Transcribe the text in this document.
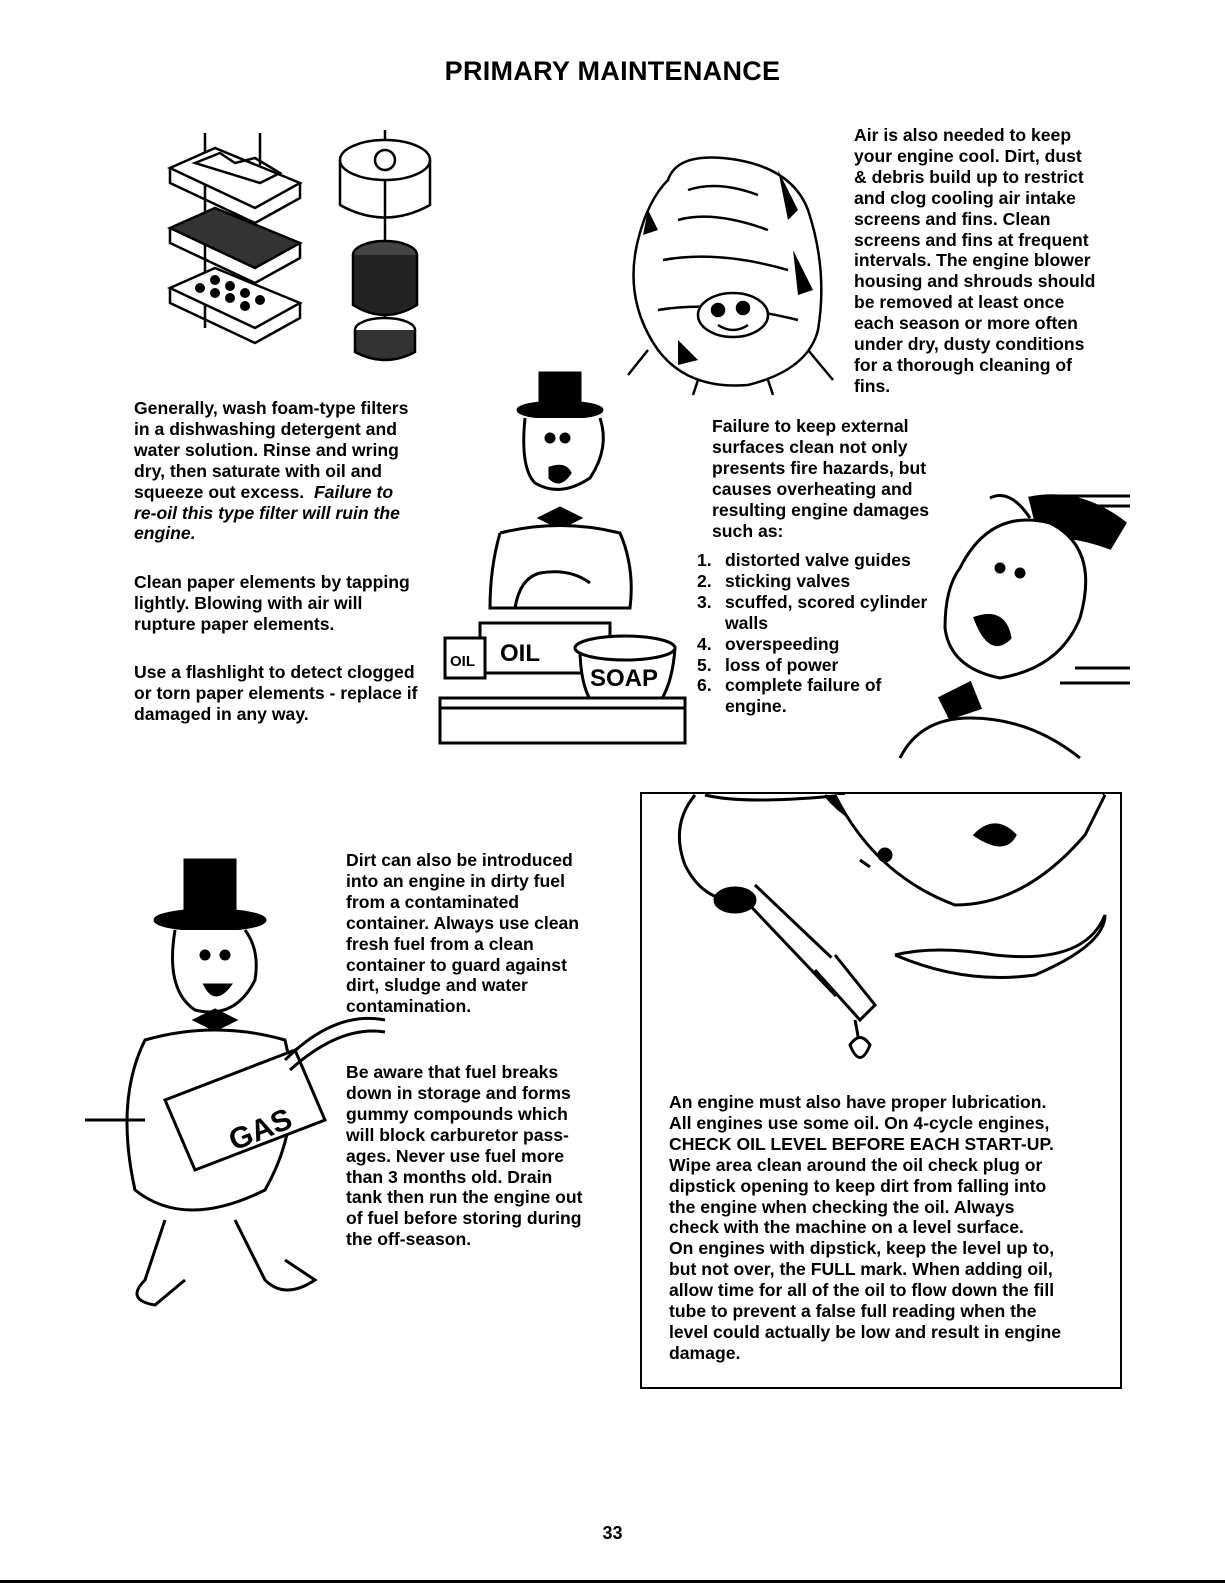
PRIMARY MAINTENANCE
OIL OIL
SOAP
GAS

Generally, wash foam-type filters

in a dishwashing detergent and

water solution. Rinse and wring

dry, then saturate with oil and

squeeze out excess.  Failure to

re-oil this type filter will ruin the

engine.

Clean paper elements by tapping

lightly. Blowing with air will

rupture paper elements.

Use a flashlight to detect clogged

or torn paper elements - replace if

damaged in any way.

Air is also needed to keep

your engine cool. Dirt, dust

& debris build up to restrict

and clog cooling air intake

screens and fins. Clean

screens and fins at frequent

intervals. The engine blower

housing and shrouds should

be removed at least once

each season or more often

under dry, dusty conditions

for a thorough cleaning of

fins.

Failure to keep external

surfaces clean not only

presents fire hazards, but

causes overheating and

resulting engine damages

such as:

1. distorted valve guides
2. sticking valves
3. scuffed, scored cylinder
walls
4. overspeeding
5. loss of power
6. complete failure of
engine.

Dirt can also be introduced

into an engine in dirty fuel

from a contaminated

container. Always use clean

fresh fuel from a clean

container to guard against

dirt, sludge and water

contamination.

Be aware that fuel breaks

down in storage and forms

gummy compounds which

will block carburetor pass-

ages. Never use fuel more

than 3 months old. Drain

tank then run the engine out

of fuel before storing during

the off-season.

An engine must also have proper lubrication.

All engines use some oil. On 4-cycle engines,

CHECK OIL LEVEL BEFORE EACH START-UP.

Wipe area clean around the oil check plug or

dipstick opening to keep dirt from falling into

the engine when checking the oil. Always

check with the machine on a level surface.

On engines with dipstick, keep the level up to,

but not over, the FULL mark. When adding oil,

allow time for all of the oil to flow down the fill

tube to prevent a false full reading when the

level could actually be low and result in engine

damage.

33
